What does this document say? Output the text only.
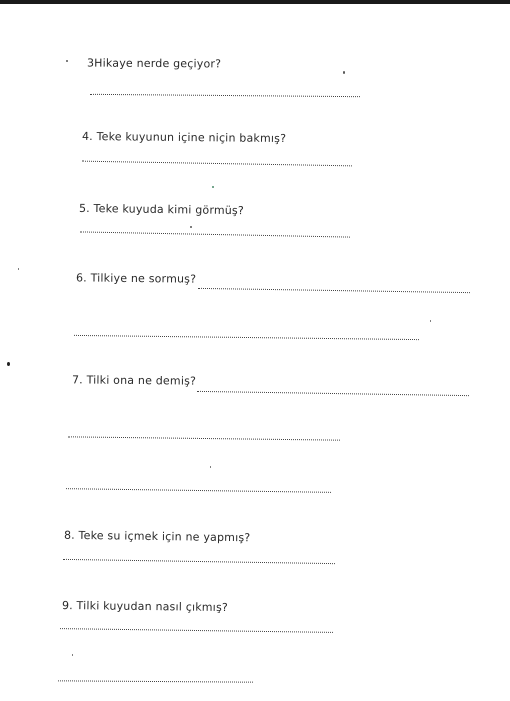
3Hikaye nerde geçiyor?
4. Teke kuyunun içine niçin bakmış?
5. Teke kuyuda kimi görmüş?
6. Tilkiye ne sormuş?
7. Tilki ona ne demiş?
8. Teke su içmek için ne yapmış?
9. Tilki kuyudan nasıl çıkmış?
